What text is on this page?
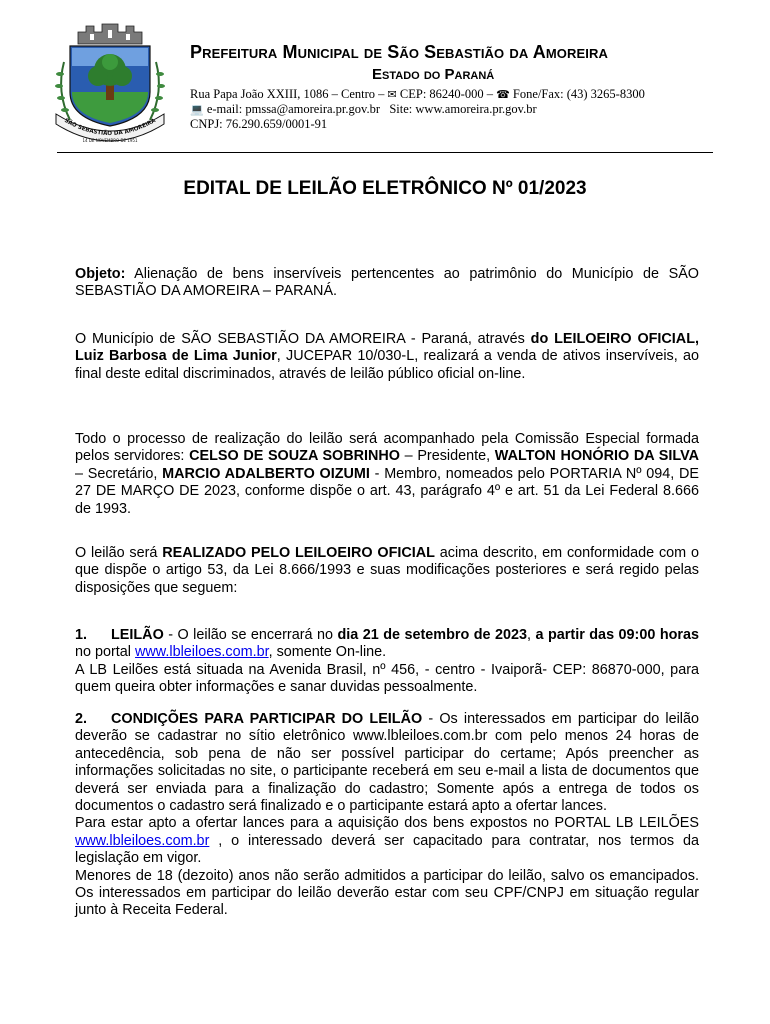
SÃO SEBASTIÃO DA AMOREIRA
14 DE NOVEMBRO DE 1951
Prefeitura Municipal de São Sebastião da Amoreira
Estado do Paraná
Rua Papa João XXIII, 1086 – Centro – ✉ CEP: 86240-000 – ☎ Fone/Fax: (43) 3265-8300
💻 e-mail: pmssa@amoreira.pr.gov.br Site: www.amoreira.pr.gov.br
CNPJ: 76.290.659/0001-91
EDITAL DE LEILÃO ELETRÔNICO Nº 01/2023
Objeto: Alienação de bens inservíveis pertencentes ao patrimônio do Município de SÃO SEBASTIÃO DA AMOREIRA – PARANÁ.
O Município de SÃO SEBASTIÃO DA AMOREIRA - Paraná, através do LEILOEIRO OFICIAL, Luiz Barbosa de Lima Junior, JUCEPAR 10/030-L, realizará a venda de ativos inservíveis, ao final deste edital discriminados, através de leilão público oficial on-line.
Todo o processo de realização do leilão será acompanhado pela Comissão Especial formada pelos servidores: CELSO DE SOUZA SOBRINHO – Presidente, WALTON HONÓRIO DA SILVA – Secretário, MARCIO ADALBERTO OIZUMI - Membro, nomeados pelo PORTARIA Nº 094, DE 27 DE MARÇO DE 2023, conforme dispõe o art. 43, parágrafo 4º e art. 51 da Lei Federal 8.666 de 1993.
O leilão será REALIZADO PELO LEILOEIRO OFICIAL acima descrito, em conformidade com o que dispõe o artigo 53, da Lei 8.666/1993 e suas modificações posteriores e será regido pelas disposições que seguem:
1. LEILÃO - O leilão se encerrará no dia 21 de setembro de 2023, a partir das 09:00 horas no portal www.lbleiloes.com.br, somente On-line.
A LB Leilões está situada na Avenida Brasil, nº 456, - centro - Ivaiporã- CEP: 86870-000, para quem queira obter informações e sanar duvidas pessoalmente.
2. CONDIÇÕES PARA PARTICIPAR DO LEILÃO - Os interessados em participar do leilão deverão se cadastrar no sítio eletrônico www.lbleiloes.com.br com pelo menos 24 horas de antecedência, sob pena de não ser possível participar do certame; Após preencher as informações solicitadas no site, o participante receberá em seu e-mail a lista de documentos que deverá ser enviada para a finalização do cadastro; Somente após a entrega de todos os documentos o cadastro será finalizado e o participante estará apto a ofertar lances.
Para estar apto a ofertar lances para a aquisição dos bens expostos no PORTAL LB LEILÕES www.lbleiloes.com.br , o interessado deverá ser capacitado para contratar, nos termos da legislação em vigor.
Menores de 18 (dezoito) anos não serão admitidos a participar do leilão, salvo os emancipados. Os interessados em participar do leilão deverão estar com seu CPF/CNPJ em situação regular junto à Receita Federal.
